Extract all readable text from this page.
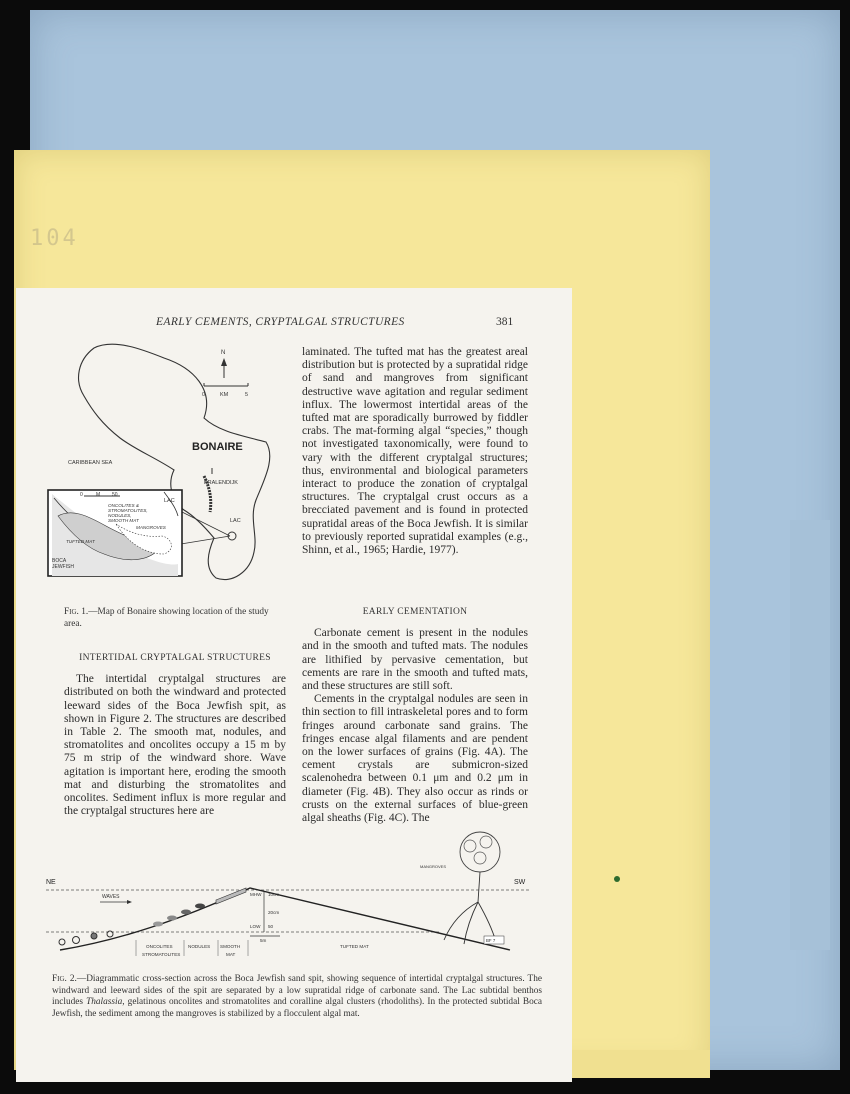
104
EARLY CEMENTS, CRYPTALGAL STRUCTURES	381
N
0	KM	5
BONAIRE
CARIBBEAN SEA
KRALENDIJK
LAC
0	M 50
LAC
ONCOLITES &
STROMATOLITES,
NODULES,
SMOOTH MAT
MANGROVES
TUFTED MAT
BOCA
JEWFISH
Fig. 1.—Map of Bonaire showing location of the study area.
INTERTIDAL CRYPTALGAL STRUCTURES

The intertidal cryptalgal structures are distributed on both the windward and protected leeward sides of the Boca Jewfish spit, as shown in Figure 2. The structures are described in Table 2. The smooth mat, nodules, and stromatolites and oncolites occupy a 15 m by 75 m strip of the windward shore. Wave agitation is important here, eroding the smooth mat and disturbing the stromatolites and oncolites. Sediment influx is more regular and the cryptalgal structures here are

laminated. The tufted mat has the greatest areal distribution but is protected by a supratidal ridge of sand and mangroves from significant destructive wave agitation and regular sediment influx. The lowermost intertidal areas of the tufted mat are sporadically burrowed by fiddler crabs. The mat-forming algal “species,” though not investigated taxonomically, were found to vary with the different cryptalgal structures; thus, environmental and biological parameters interact to produce the zonation of cryptalgal structures. The cryptalgal crust occurs as a brecciated pavement and is found in protected supratidal areas of the Boca Jewfish. It is similar to previously reported supratidal examples (e.g., Shinn, et al., 1965; Hardie, 1977).

EARLY CEMENTATION

Carbonate cement is present in the nodules and in the smooth and tufted mats. The nodules are lithified by pervasive cementation, but cements are rare in the smooth and tufted mats, and these structures are still soft.

Cements in the cryptalgal nodules are seen in thin section to fill intraskeletal pores and to form fringes around carbonate sand grains. The fringes encase algal filaments and are pendent on the lower surfaces of grains (Fig. 4A). The cement crystals are submicron-sized scalenohedra between 0.1 μm and 0.2 μm in diameter (Fig. 4B). They also occur as rinds or crusts on the external surfaces of blue-green algal sheaths (Fig. 4C). The

WAVES
NE	SW
MHW 10cm
20cm
LOW 50
5m
MANGROVES
BF 7
ONCOLITES
STROMATOLITES
NODULES SMOOTH
MAT
TUFTED MAT
Fig. 2.—Diagrammatic cross-section across the Boca Jewfish sand spit, showing sequence of intertidal cryptalgal structures. The windward and leeward sides of the spit are separated by a low supratidal ridge of carbonate sand. The Lac subtidal benthos includes Thalassia, gelatinous oncolites and stromatolites and coralline algal clusters (rhodoliths). In the protected subtidal Boca Jewfish, the sediment among the mangroves is stabilized by a flocculent algal mat.
